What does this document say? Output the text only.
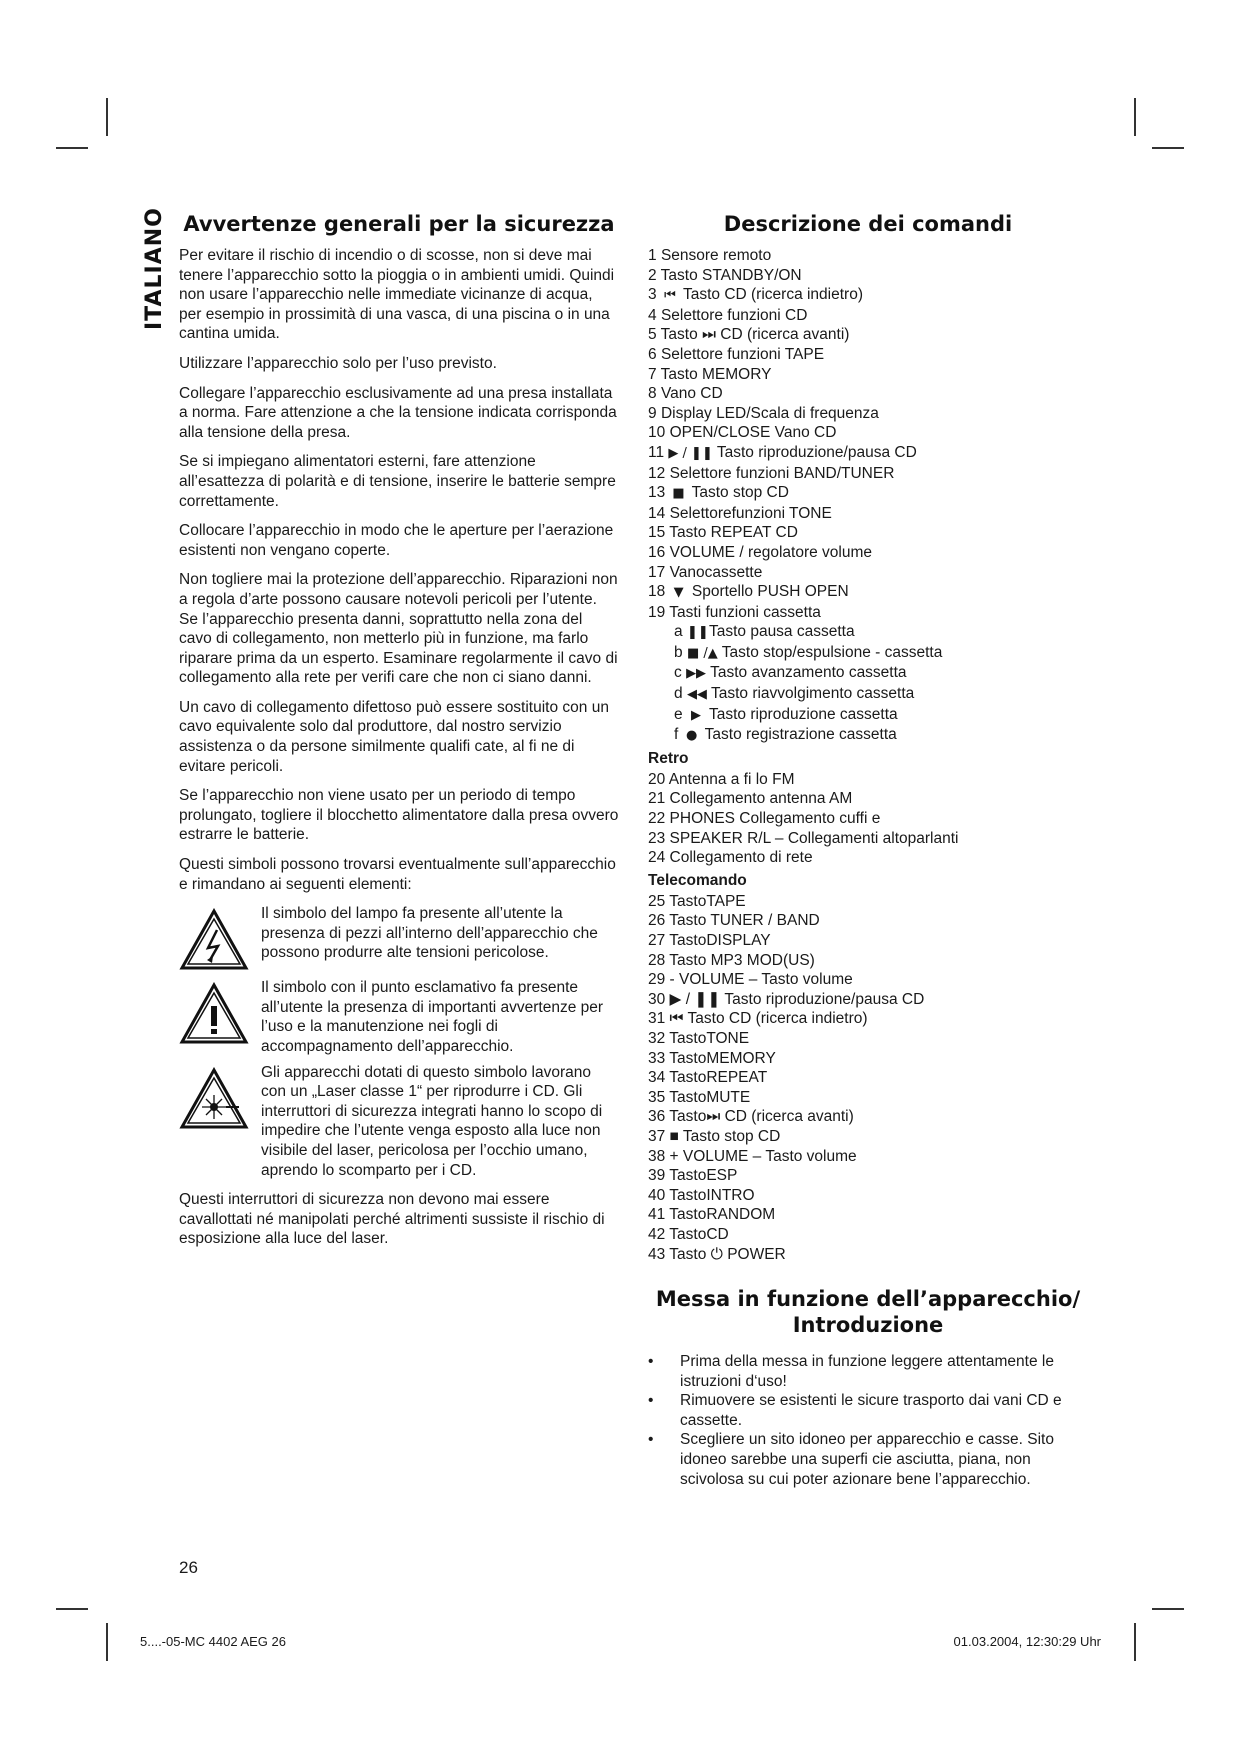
ITALIANO Avvertenze generali per la sicurezza

Per evitare il rischio di incendio o di scosse, non si deve mai tenere l’apparecchio sotto la pioggia o in ambienti umidi. Quindi non usare l’apparecchio nelle immediate vicinanze di acqua, per esempio in prossimità di una vasca, di una piscina o in una cantina umida.

Utilizzare l’apparecchio solo per l’uso previsto.

Collegare l’apparecchio esclusivamente ad una presa installata a norma. Fare attenzione a che la tensione indicata corrisponda alla tensione della presa.

Se si impiegano alimentatori esterni, fare attenzione all’esattezza di polarità e di tensione, inserire le batterie sempre correttamente.

Collocare l’apparecchio in modo che le aperture per l’aerazione esistenti non vengano coperte.

Non togliere mai la protezione dell’apparecchio. Riparazioni non a regola d’arte possono causare notevoli pericoli per l’utente. Se l’apparecchio presenta danni, soprattutto nella zona del cavo di collegamento, non metterlo più in funzione, ma farlo riparare prima da un esperto. Esaminare regolarmente il cavo di collegamento alla rete per verifi care che non ci siano danni.

Un cavo di collegamento difettoso può essere sostituito con un cavo equivalente solo dal produttore, dal nostro servizio assistenza o da persone similmente qualifi cate, al fi ne di evitare pericoli.

Se l’apparecchio non viene usato per un periodo di tempo prolungato, togliere il blocchetto alimentatore dalla presa ovvero estrarre le batterie.

Questi simboli possono trovarsi eventualmente sull’apparecchio e rimandano ai seguenti elementi:

Il simbolo del lampo fa presente all’utente la presenza di pezzi all’interno dell’apparecchio che possono produrre alte tensioni pericolose.

Il simbolo con il punto esclamativo fa presente all’utente la presenza di importanti avvertenze per l’uso e la manutenzione nei fogli di accompagnamento dell’apparecchio.

Gli apparecchi dotati di questo simbolo lavorano con un „Laser classe 1“ per riprodurre i CD. Gli interruttori di sicurezza integrati hanno lo scopo di impedire che l’utente venga esposto alla luce non visibile del laser, pericolosa per l’occhio umano, aprendo lo scomparto per i CD.

Questi interruttori di sicurezza non devono mai essere cavallottati né manipolati perché altrimenti sussiste il rischio di esposizione alla luce del laser.

Descrizione dei comandi
1 Sensore remoto
2 Tasto STANDBY/ON
3 ⏮ Tasto CD (ricerca indietro)
4 Selettore funzioni CD
5 Tasto ⏭ CD (ricerca avanti)
6 Selettore funzioni TAPE
7 Tasto MEMORY
8 Vano CD
9 Display LED/Scala di frequenza
10 OPEN/CLOSE Vano CD
11 ▶ / ❚❚ Tasto riproduzione/pausa CD
12 Selettore funzioni BAND/TUNER
13 ■ Tasto stop CD
14 Selettorefunzioni TONE
15 Tasto REPEAT CD
16 VOLUME / regolatore volume
17 Vanocassette
18 ▼ Sportello PUSH OPEN
19 Tasti funzioni cassetta
a ❚❚ Tasto pausa cassetta
b ■ /▲ Tasto stop/espulsione - cassetta
c ▶▶ Tasto avanzamento cassetta
d ◀◀ Tasto riavvolgimento cassetta
e ▶ Tasto riproduzione cassetta
f ● Tasto registrazione cassetta
Retro
20 Antenna a fi lo FM
21 Collegamento antenna AM
22 PHONES Collegamento cuffi e
23 SPEAKER R/L – Collegamenti altoparlanti
24 Collegamento di rete
Telecomando
25 TastoTAPE
26 Tasto TUNER / BAND
27 TastoDISPLAY
28 Tasto MP3 MOD(US)
29 - VOLUME – Tasto volume
30 ▶ / ❚❚ Tasto riproduzione/pausa CD
31 ⏮ Tasto CD (ricerca indietro)
32 TastoTONE
33 TastoMEMORY
34 TastoREPEAT
35 TastoMUTE
36 Tasto⏭ CD (ricerca avanti)
37 ■ Tasto stop CD
38 + VOLUME – Tasto volume
39 TastoESP
40 TastoINTRO
41 TastoRANDOM
42 TastoCD
43 Tasto ⏻ POWER
Messa in funzione dell’apparecchio/ Introduzione
•	Prima della messa in funzione leggere attentamente le istruzioni d‘uso!
•	Rimuovere se esistenti le sicure trasporto dai vani CD e cassette.
•	Scegliere un sito idoneo per apparecchio e casse. Sito idoneo sarebbe una superfi cie asciutta, piana, non scivolosa su cui poter azionare bene l’apparecchio.
26
5....-05-MC 4402 AEG 26	01.03.2004, 12:30:29 Uhr
